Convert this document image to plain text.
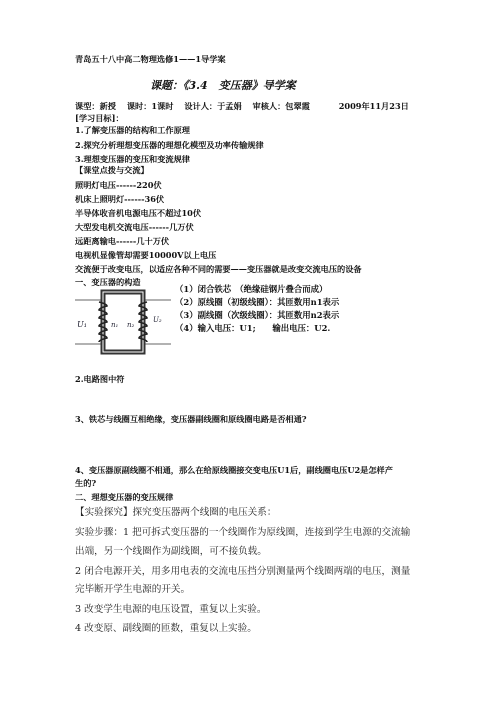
青岛五十八中高二物理选修1——1导学案
课题：《3.4　变压器》导学案
课型：新授 课时：1课时 设计人：于孟娟 审核人：包翠霞	2009年11月23日
[学习目标]：
1.了解变压器的结构和工作原理
2.探究分析理想变压器的理想化模型及功率传输规律
3.理想变压器的变压和变流规律
【课堂点拨与交流】
照明灯电压------220伏
机床上照明灯------36伏
半导体收音机电源电压不超过10伏
大型发电机交流电压------几万伏
远距离输电------几十万伏
电视机显像管却需要10000V以上电压
交流便于改变电压，以适应各种不同的需要——变压器就是改变交流电压的设备
一、变压器的构造
U₁	n₁ n₂
U₂
（1）闭合铁芯　（绝缘硅钢片叠合而成）
（2）原线圈（初级线圈）：其匝数用n1表示
（3）副线圈（次级线圈）：其匝数用n2表示
（4）输入电压：U1;　　输出电压：U2.
2.电路图中符
3、铁芯与线圈互相绝缘，变压器副线圈和原线圈电路是否相通?
4、变压器原副线圈不相通，那么在给原线圈接交变电压U1后，副线圈电压U2是怎样产
生的?
二、理想变压器的变压规律
【实验探究】探究变压器两个线圈的电压关系：
实验步骤：1 把可拆式变压器的一个线圈作为原线圈，连接到学生电源的交流输
出端，另一个线圈作为副线圈，可不接负载。
2 闭合电源开关，用多用电表的交流电压挡分别测量两个线圈两端的电压，测量
完毕断开学生电源的开关。
3 改变学生电源的电压设置，重复以上实验。
4 改变原、副线圈的匝数，重复以上实验。
